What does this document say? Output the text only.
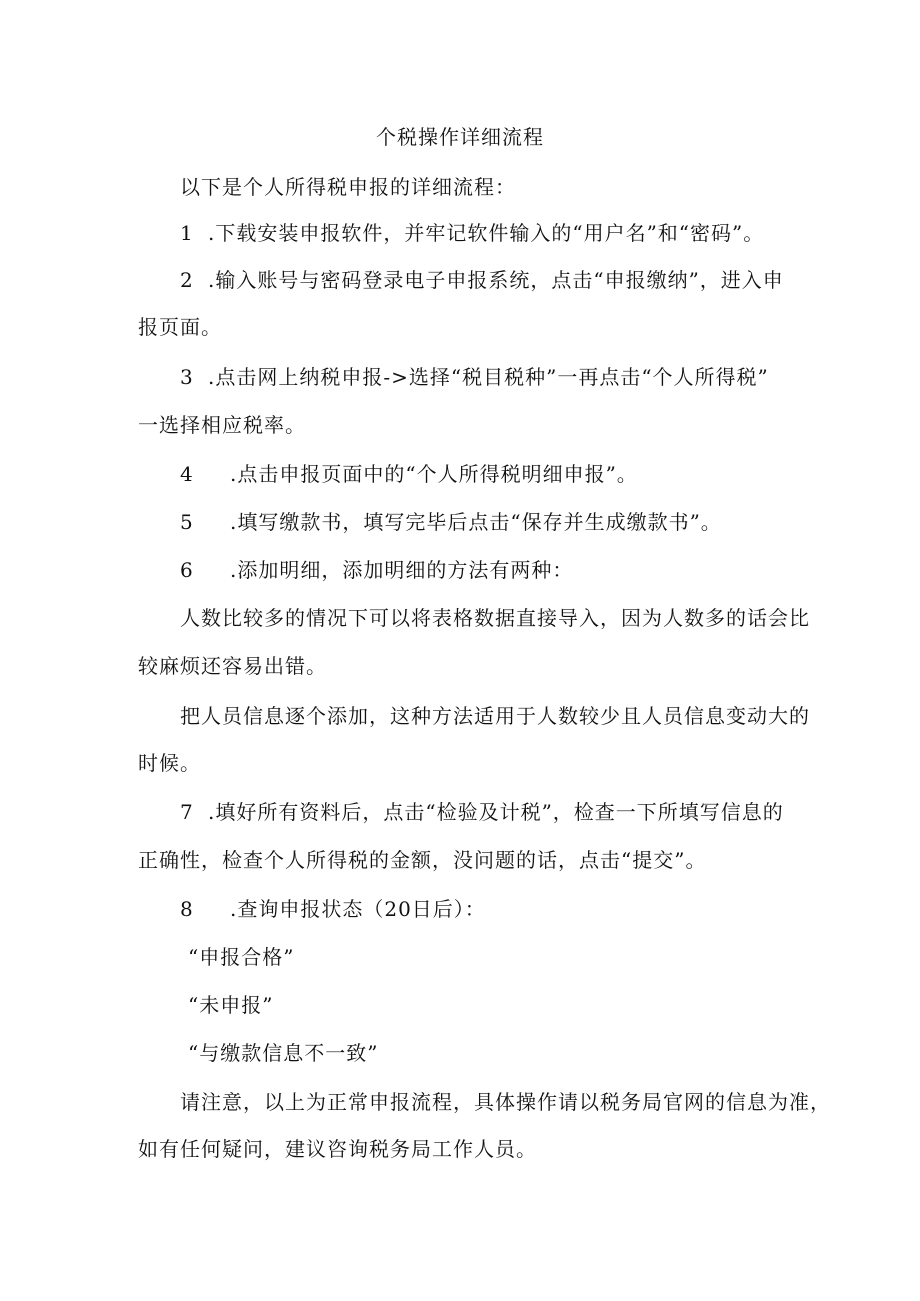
个税操作详细流程
以下是个人所得税申报的详细流程：
1 .下载安装申报软件，并牢记软件输入的“用户名”和“密码”。
2 .输入账号与密码登录电子申报系统，点击“申报缴纳”，进入申
报页面。
3 .点击网上纳税申报->选择“税目税种”一再点击“个人所得税”
一选择相应税率。
4 .点击申报页面中的“个人所得税明细申报”。
5 .填写缴款书，填写完毕后点击“保存并生成缴款书”。
6 .添加明细，添加明细的方法有两种：
人数比较多的情况下可以将表格数据直接导入，因为人数多的话会比
较麻烦还容易出错。
把人员信息逐个添加，这种方法适用于人数较少且人员信息变动大的
时候。
7 .填好所有资料后，点击“检验及计税”，检查一下所填写信息的
正确性，检查个人所得税的金额，没问题的话，点击“提交”。
8 .查询申报状态（20日后）：
“申报合格”
“未申报”
“与缴款信息不一致”
请注意，以上为正常申报流程，具体操作请以税务局官网的信息为准，
如有任何疑问，建议咨询税务局工作人员。
